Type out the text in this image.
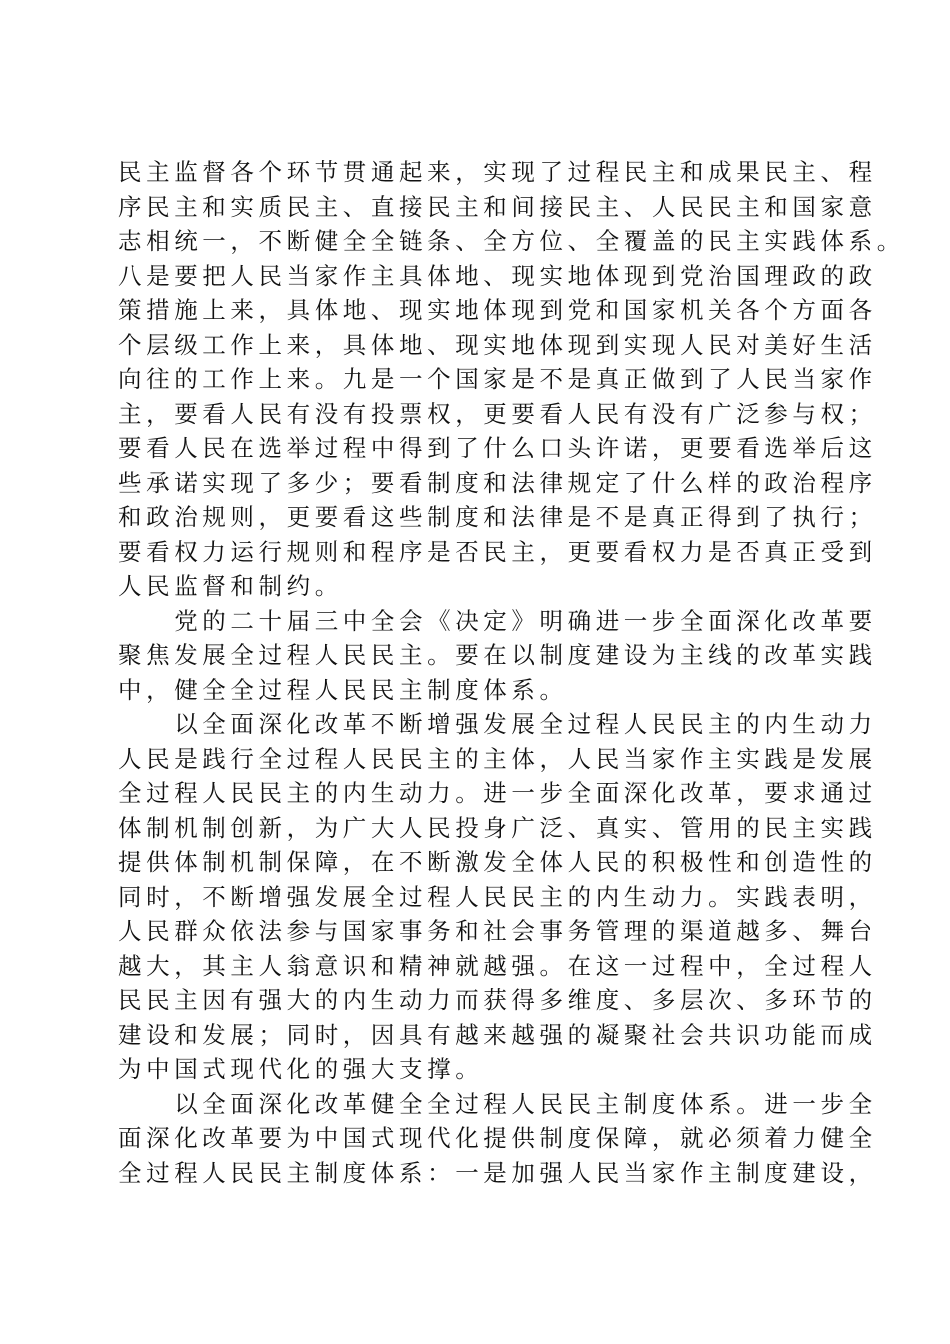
民主监督各个环节贯通起来，实现了过程民主和成果民主、程
序民主和实质民主、直接民主和间接民主、人民民主和国家意
志相统一，不断健全全链条、全方位、全覆盖的民主实践体系。
八是要把人民当家作主具体地、现实地体现到党治国理政的政
策措施上来，具体地、现实地体现到党和国家机关各个方面各
个层级工作上来，具体地、现实地体现到实现人民对美好生活
向往的工作上来。九是一个国家是不是真正做到了人民当家作
主，要看人民有没有投票权，更要看人民有没有广泛参与权；
要看人民在选举过程中得到了什么口头许诺，更要看选举后这
些承诺实现了多少；要看制度和法律规定了什么样的政治程序
和政治规则，更要看这些制度和法律是不是真正得到了执行；
要看权力运行规则和程序是否民主，更要看权力是否真正受到
人民监督和制约。
　　党的二十届三中全会《决定》明确进一步全面深化改革要
聚焦发展全过程人民民主。要在以制度建设为主线的改革实践
中，健全全过程人民民主制度体系。
　　以全面深化改革不断增强发展全过程人民民主的内生动力
人民是践行全过程人民民主的主体，人民当家作主实践是发展
全过程人民民主的内生动力。进一步全面深化改革，要求通过
体制机制创新，为广大人民投身广泛、真实、管用的民主实践
提供体制机制保障，在不断激发全体人民的积极性和创造性的
同时，不断增强发展全过程人民民主的内生动力。实践表明，
人民群众依法参与国家事务和社会事务管理的渠道越多、舞台
越大，其主人翁意识和精神就越强。在这一过程中，全过程人
民民主因有强大的内生动力而获得多维度、多层次、多环节的
建设和发展；同时，因具有越来越强的凝聚社会共识功能而成
为中国式现代化的强大支撑。
　　以全面深化改革健全全过程人民民主制度体系。进一步全
面深化改革要为中国式现代化提供制度保障，就必须着力健全
全过程人民民主制度体系：一是加强人民当家作主制度建设，
